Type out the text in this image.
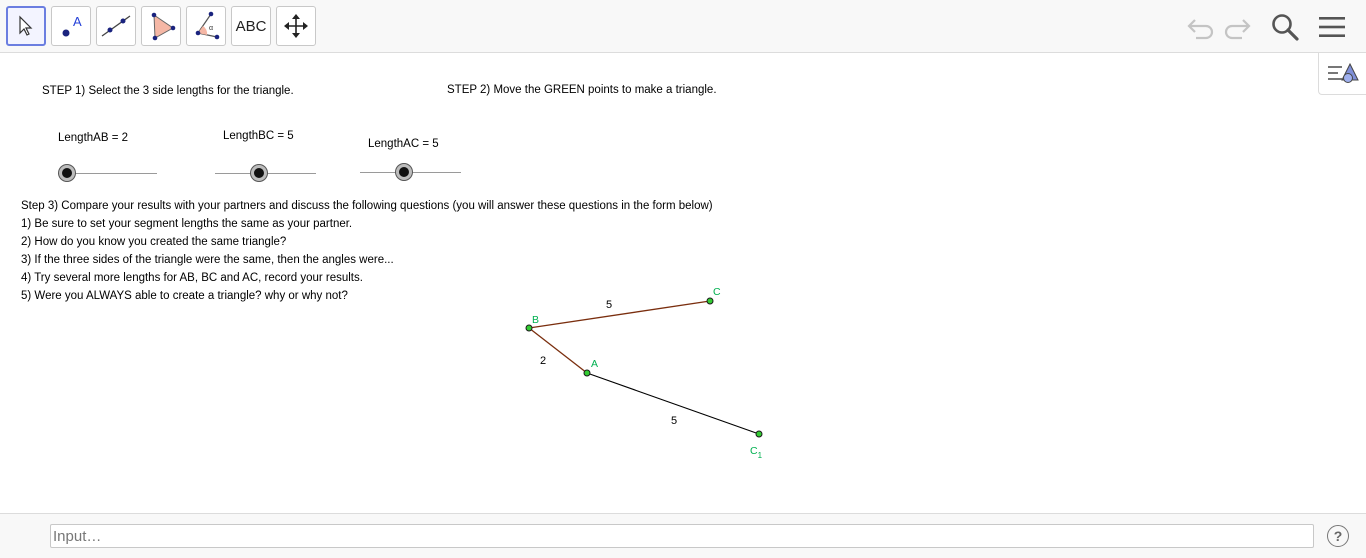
A	α ABC
STEP 1) Select the 3 side lengths for the triangle.	STEP 2) Move the GREEN points to make a triangle.
LengthAB = 2	LengthBC = 5
LengthAC = 5
Step 3) Compare your results with your partners and discuss the following questions (you will answer these questions in the form below)
1) Be sure to set your segment lengths the same as your partner.
2) How do you know you created the same triangle?
3) If the three sides of the triangle were the same, then the angles were...
4) Try several more lengths for AB, BC and AC, record your results.
5) Were you ALWAYS able to create a triangle? why or why not?
5
2
5
B
C
A
$C_1$
Input…
?
